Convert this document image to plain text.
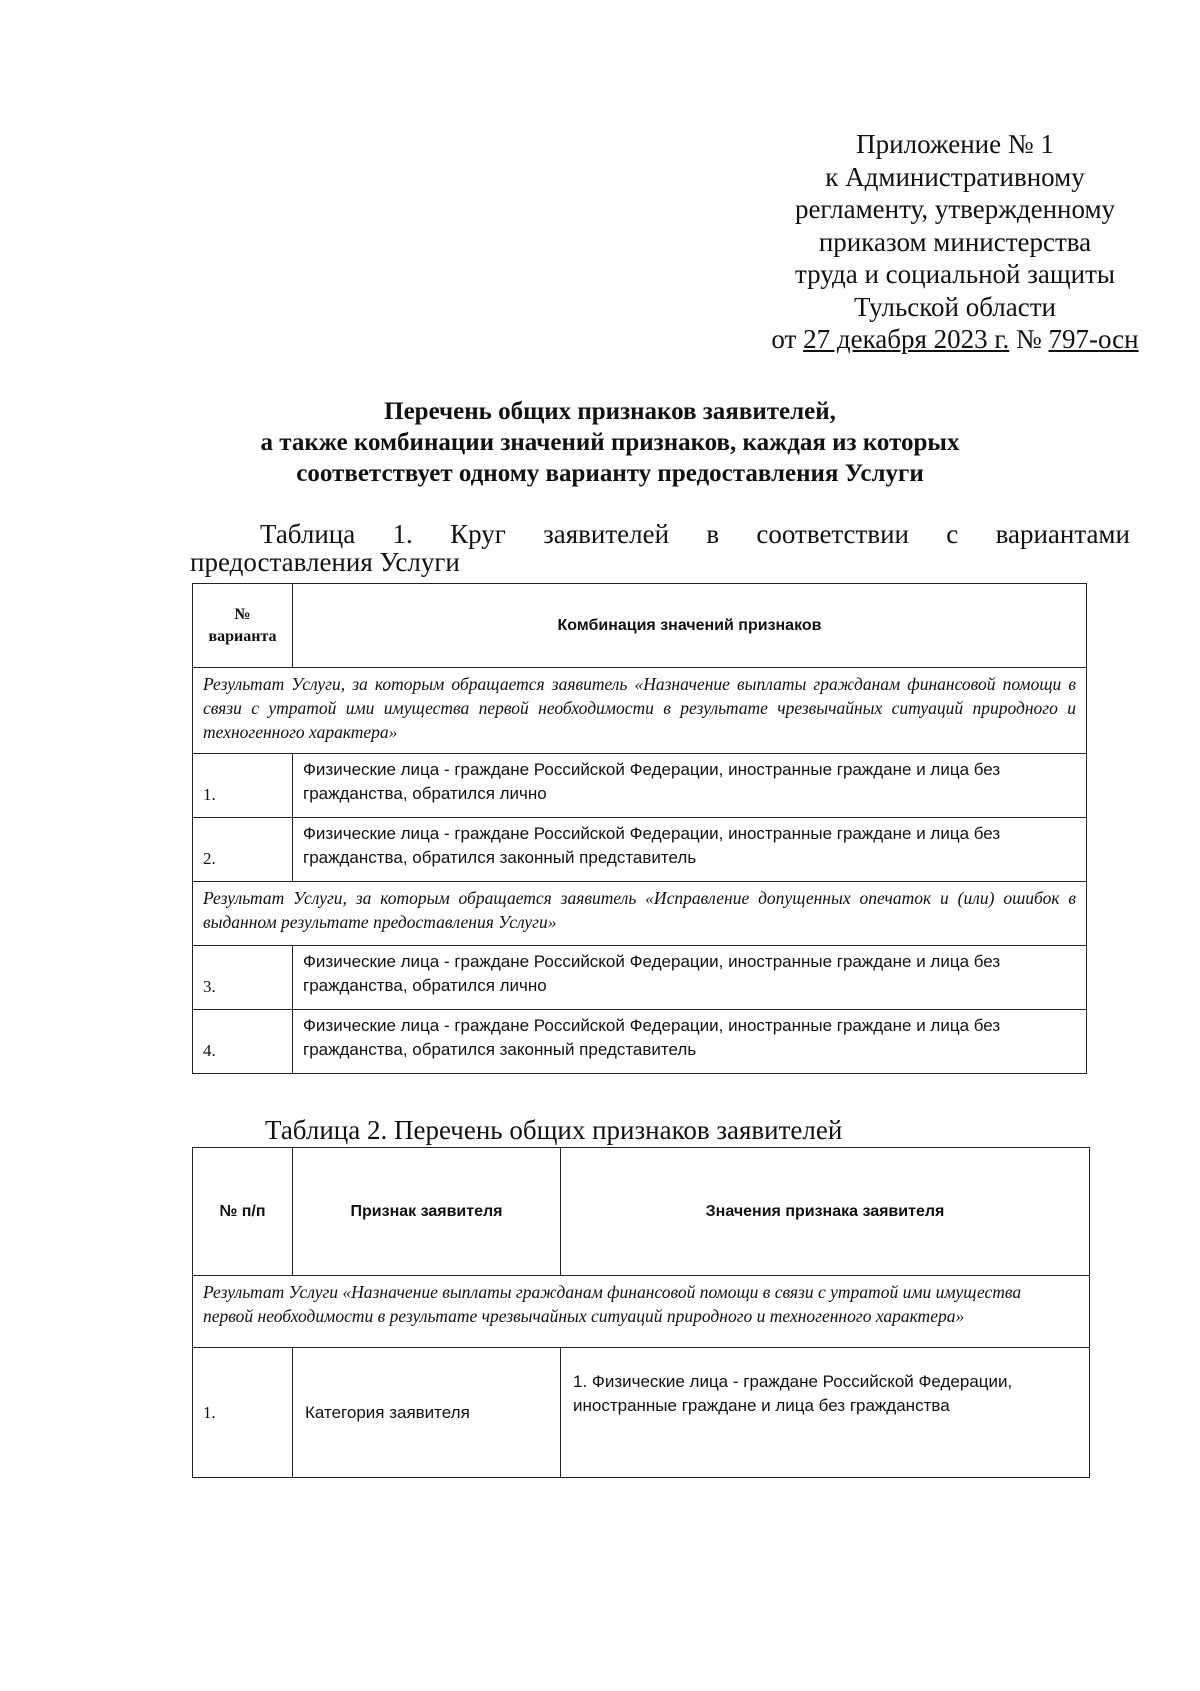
Приложение № 1
к Административному
регламенту, утвержденному
приказом министерства
труда и социальной защиты
Тульской области
от 27 декабря 2023 г. № 797-осн
Перечень общих признаков заявителей,
а также комбинации значений признаков, каждая из которых
соответствует одному варианту предоставления Услуги
Таблица 1. Круг заявителей в соответствии с вариантами
предоставления Услуги
№ варианта	Комбинация значений признаков
Результат Услуги, за которым обращается заявитель «Назначение выплаты гражданам финансовой помощи в связи с утратой ими имущества первой необходимости в результате чрезвычайных ситуаций природного и техногенного характера»	
1.	Физические лица - граждане Российской Федерации, иностранные граждане и лица без гражданства, обратился лично
2.	Физические лица - граждане Российской Федерации, иностранные граждане и лица без гражданства, обратился законный представитель
Результат Услуги, за которым обращается заявитель «Исправление допущенных опечаток и (или) ошибок в выданном результате предоставления Услуги»	
3.	Физические лица - граждане Российской Федерации, иностранные граждане и лица без гражданства, обратился лично
4.	Физические лица - граждане Российской Федерации, иностранные граждане и лица без гражданства, обратился законный представитель
Таблица 2. Перечень общих признаков заявителей
№ п/п	Признак заявителя	Значения признака заявителя
Результат Услуги «Назначение выплаты гражданам финансовой помощи в связи с утратой ими имущества первой необходимости в результате чрезвычайных ситуаций природного и техногенного характера»		
1.	Категория заявителя	1. Физические лица - граждане Российской Федерации, иностранные граждане и лица без гражданства
